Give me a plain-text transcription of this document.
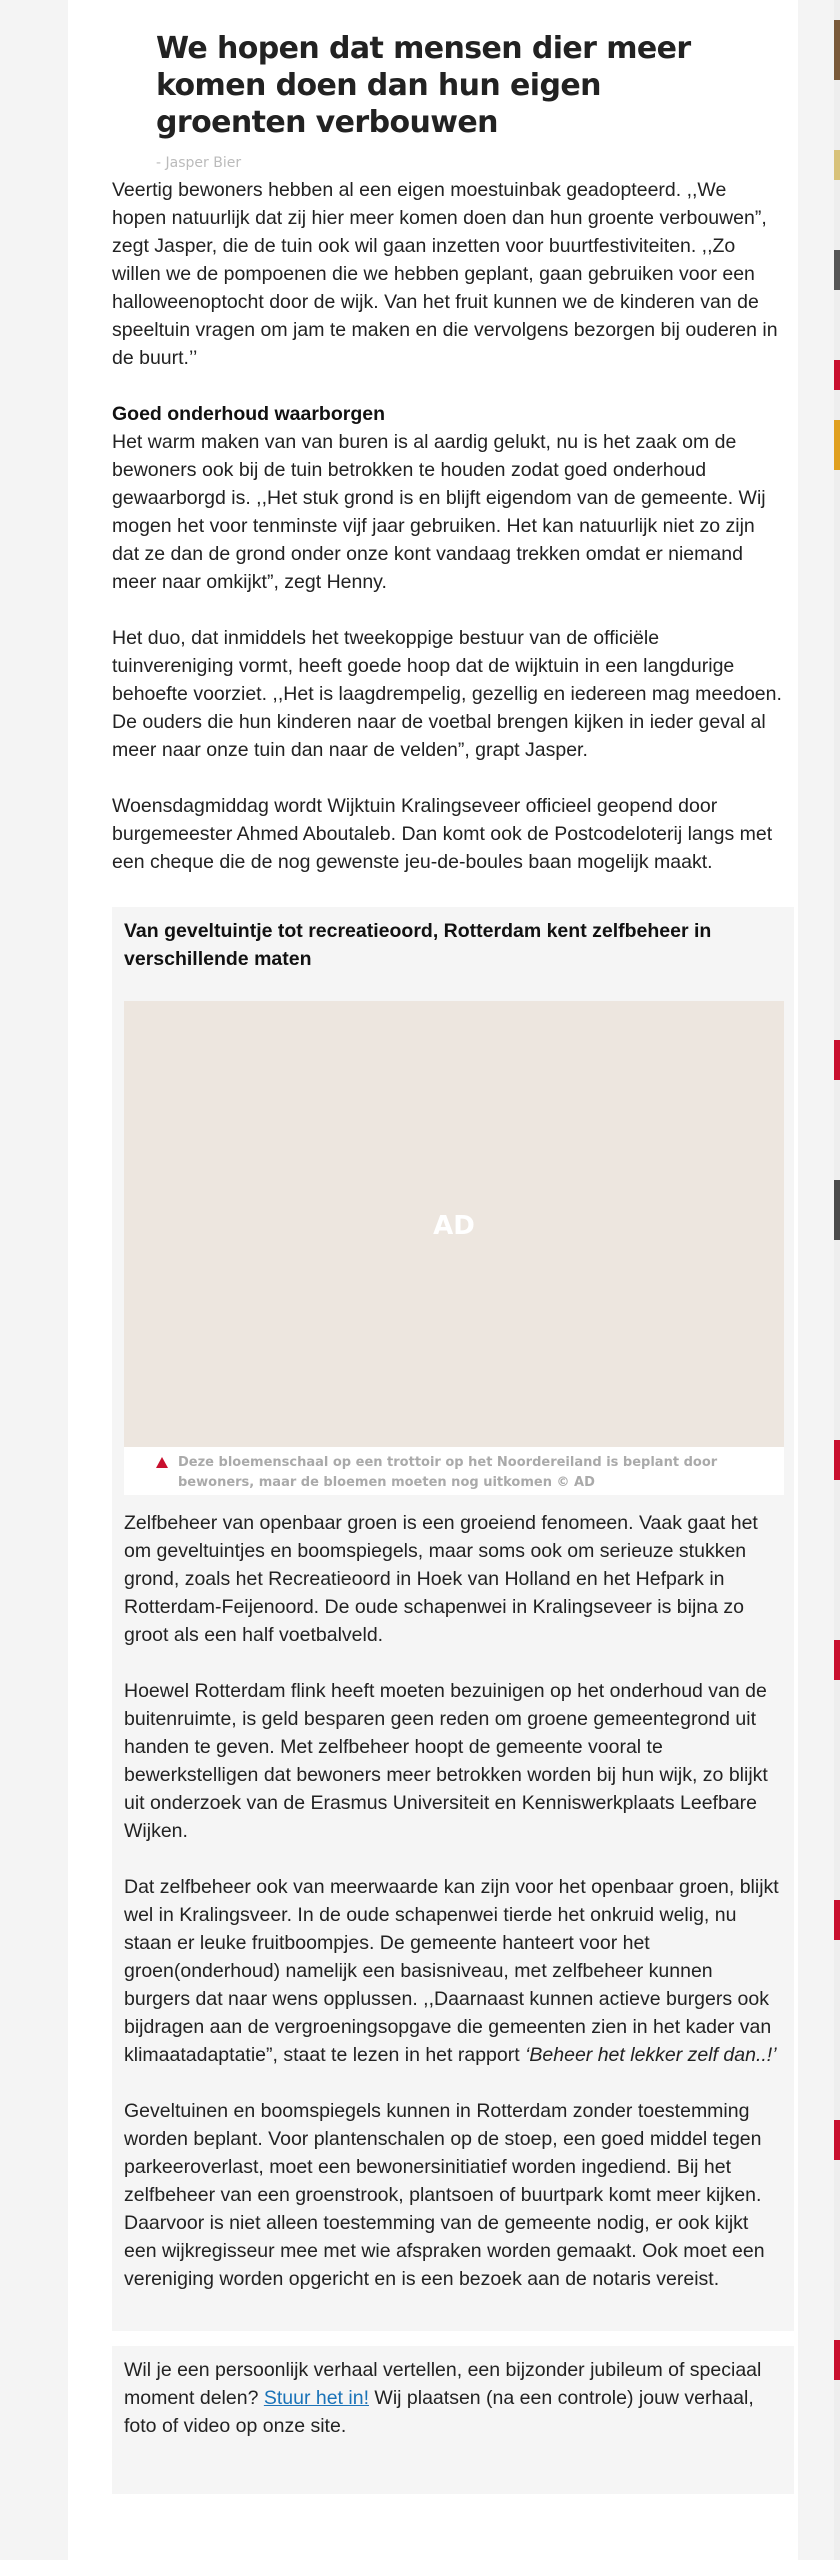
We hopen dat mensen dier meer komen doen dan hun eigen groenten verbouwen
- Jasper Bier

Veertig bewoners hebben al een eigen moestuinbak geadopteerd. ,,We hopen natuurlijk dat zij hier meer komen doen dan hun groente verbouwen”, zegt Jasper, die de tuin ook wil gaan inzetten voor buurtfestiviteiten. ,,Zo willen we de pompoenen die we hebben geplant, gaan gebruiken voor een halloweenoptocht door de wijk. Van het fruit kunnen we de kinderen van de speeltuin vragen om jam te maken en die vervolgens bezorgen bij ouderen in de buurt.’’

Goed onderhoud waarborgen

Het warm maken van van buren is al aardig gelukt, nu is het zaak om de bewoners ook bij de tuin betrokken te houden zodat goed onderhoud gewaarborgd is. ,,Het stuk grond is en blijft eigendom van de gemeente. Wij mogen het voor tenminste vijf jaar gebruiken. Het kan natuurlijk niet zo zijn dat ze dan de grond onder onze kont vandaag trekken omdat er niemand meer naar omkijkt”, zegt Henny.

Het duo, dat inmiddels het tweekoppige bestuur van de officiële tuinvereniging vormt, heeft goede hoop dat de wijktuin in een langdurige behoefte voorziet. ,,Het is laagdrempelig, gezellig en iedereen mag meedoen. De ouders die hun kinderen naar de voetbal brengen kijken in ieder geval al meer naar onze tuin dan naar de velden”, grapt Jasper.

Woensdagmiddag wordt Wijktuin Kralingseveer officieel geopend door burgemeester Ahmed Aboutaleb. Dan komt ook de Postcodeloterij langs met een cheque die de nog gewenste jeu-de-boules baan mogelijk maakt.

Van geveltuintje tot recreatieoord, Rotterdam kent zelfbeheer in verschillende maten
AD
Deze bloemenschaal op een trottoir op het Noordereiland is beplant door bewoners, maar de bloemen moeten nog uitkomen © AD

Zelfbeheer van openbaar groen is een groeiend fenomeen. Vaak gaat het om geveltuintjes en boomspiegels, maar soms ook om serieuze stukken grond, zoals het Recreatieoord in Hoek van Holland en het Hefpark in Rotterdam-Feijenoord. De oude schapenwei in Kralingseveer is bijna zo groot als een half voetbalveld.

Hoewel Rotterdam flink heeft moeten bezuinigen op het onderhoud van de buitenruimte, is geld besparen geen reden om groene gemeentegrond uit handen te geven. Met zelfbeheer hoopt de gemeente vooral te bewerkstelligen dat bewoners meer betrokken worden bij hun wijk, zo blijkt uit onderzoek van de Erasmus Universiteit en Kenniswerkplaats Leefbare Wijken.

Dat zelfbeheer ook van meerwaarde kan zijn voor het openbaar groen, blijkt wel in Kralingsveer. In de oude schapenwei tierde het onkruid welig, nu staan er leuke fruitboompjes. De gemeente hanteert voor het groen(onderhoud) namelijk een basisniveau, met zelfbeheer kunnen burgers dat naar wens opplussen. ,,Daarnaast kunnen actieve burgers ook bijdragen aan de vergroeningsopgave die gemeenten zien in het kader van klimaatadaptatie”, staat te lezen in het rapport ‘Beheer het lekker zelf dan..!’

Geveltuinen en boomspiegels kunnen in Rotterdam zonder toestemming worden beplant. Voor plantenschalen op de stoep, een goed middel tegen parkeeroverlast, moet een bewonersinitiatief worden ingediend. Bij het zelfbeheer van een groenstrook, plantsoen of buurtpark komt meer kijken. Daarvoor is niet alleen toestemming van de gemeente nodig, er ook kijkt een wijkregisseur mee met wie afspraken worden gemaakt. Ook moet een vereniging worden opgericht en is een bezoek aan de notaris vereist.

Wil je een persoonlijk verhaal vertellen, een bijzonder jubileum of speciaal moment delen? Stuur het in! Wij plaatsen (na een controle) jouw verhaal, foto of video op onze site.
